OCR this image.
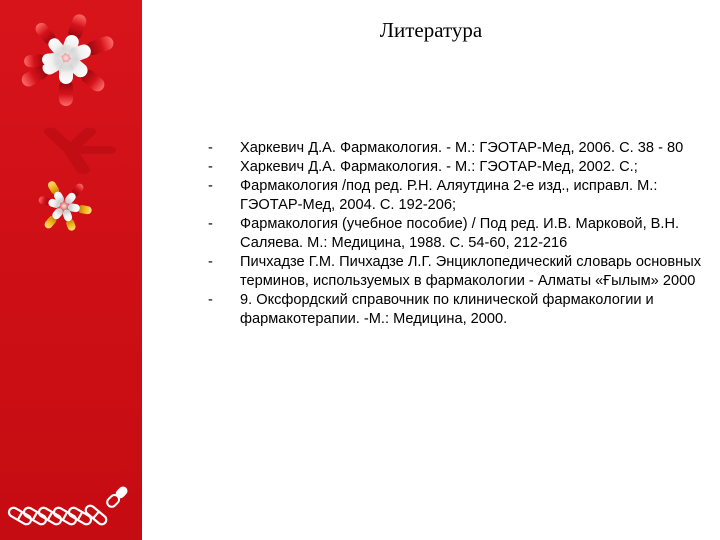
Литература
-	Харкевич Д.А. Фармакология. - М.: ГЭОТАР-Мед, 2006. С. 38 - 80
-	Харкевич Д.А. Фармакология. - М.: ГЭОТАР-Мед, 2002. С.;
-	Фармакология /под ред. Р.Н. Аляутдина 2-е изд., исправл. М.: ГЭОТАР-Мед, 2004. С. 192-206;
-	Фармакология (учебное пособие) / Под ред. И.В. Марковой, В.Н. Саляева. М.: Медицина, 1988. С. 54-60, 212-216
-	Пичхадзе Г.М. Пичхадзе Л.Г. Энциклопедический словарь основных терминов, используемых в фармакологии - Алматы «Ғылым» 2000
-	9. Оксфордский справочник по клинической фармакологии и фармакотерапии. -М.: Медицина, 2000.
